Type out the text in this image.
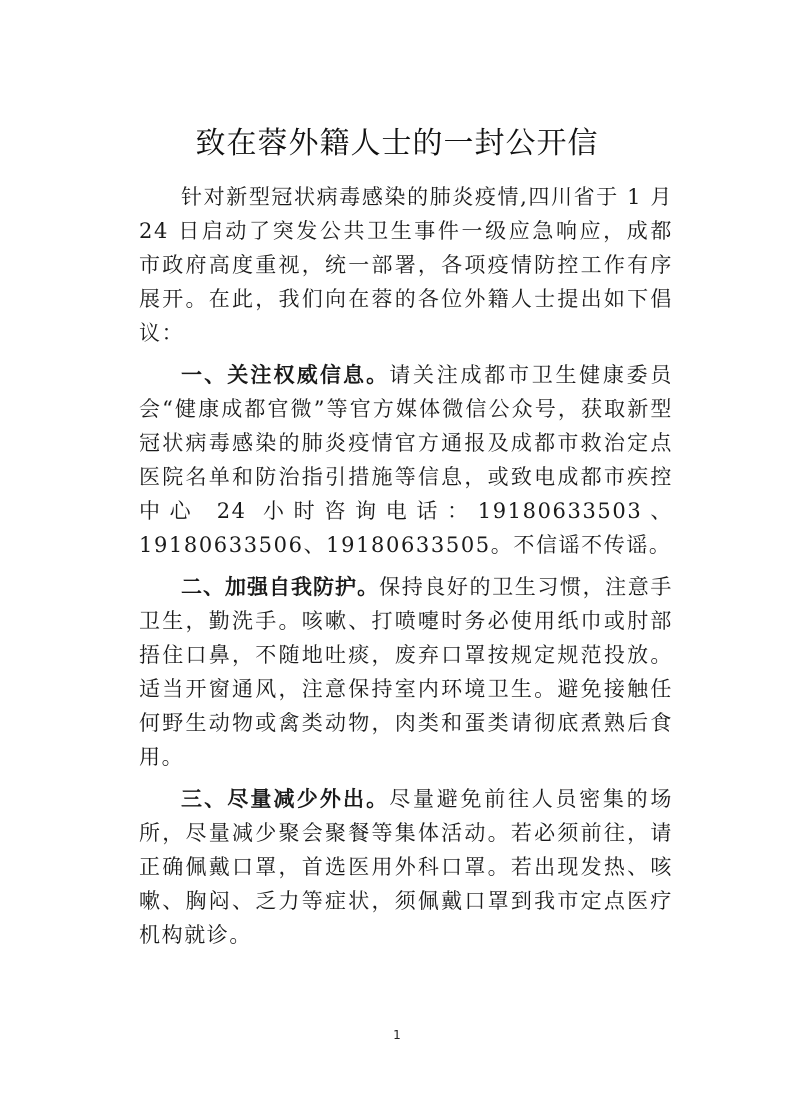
致在蓉外籍人士的一封公开信

针对新型冠状病毒感染的肺炎疫情,四川省于 1 月 24 日启动了突发公共卫生事件一级应急响应，成都市政府高度重视，统一部署，各项疫情防控工作有序展开。在此，我们向在蓉的各位外籍人士提出如下倡议：

一、关注权威信息。请关注成都市卫生健康委员会“健康成都官微”等官方媒体微信公众号，获取新型冠状病毒感染的肺炎疫情官方通报及成都市救治定点医院名单和防治指引措施等信息，或致电成都市疾控中心 24 小时咨询电话：19180633503、19180633506、19180633505。不信谣不传谣。

二、加强自我防护。保持良好的卫生习惯，注意手卫生，勤洗手。咳嗽、打喷嚏时务必使用纸巾或肘部捂住口鼻，不随地吐痰，废弃口罩按规定规范投放。适当开窗通风，注意保持室内环境卫生。避免接触任何野生动物或禽类动物，肉类和蛋类请彻底煮熟后食用。

三、尽量减少外出。尽量避免前往人员密集的场所，尽量减少聚会聚餐等集体活动。若必须前往，请正确佩戴口罩，首选医用外科口罩。若出现发热、咳嗽、胸闷、乏力等症状，须佩戴口罩到我市定点医疗机构就诊。

1
